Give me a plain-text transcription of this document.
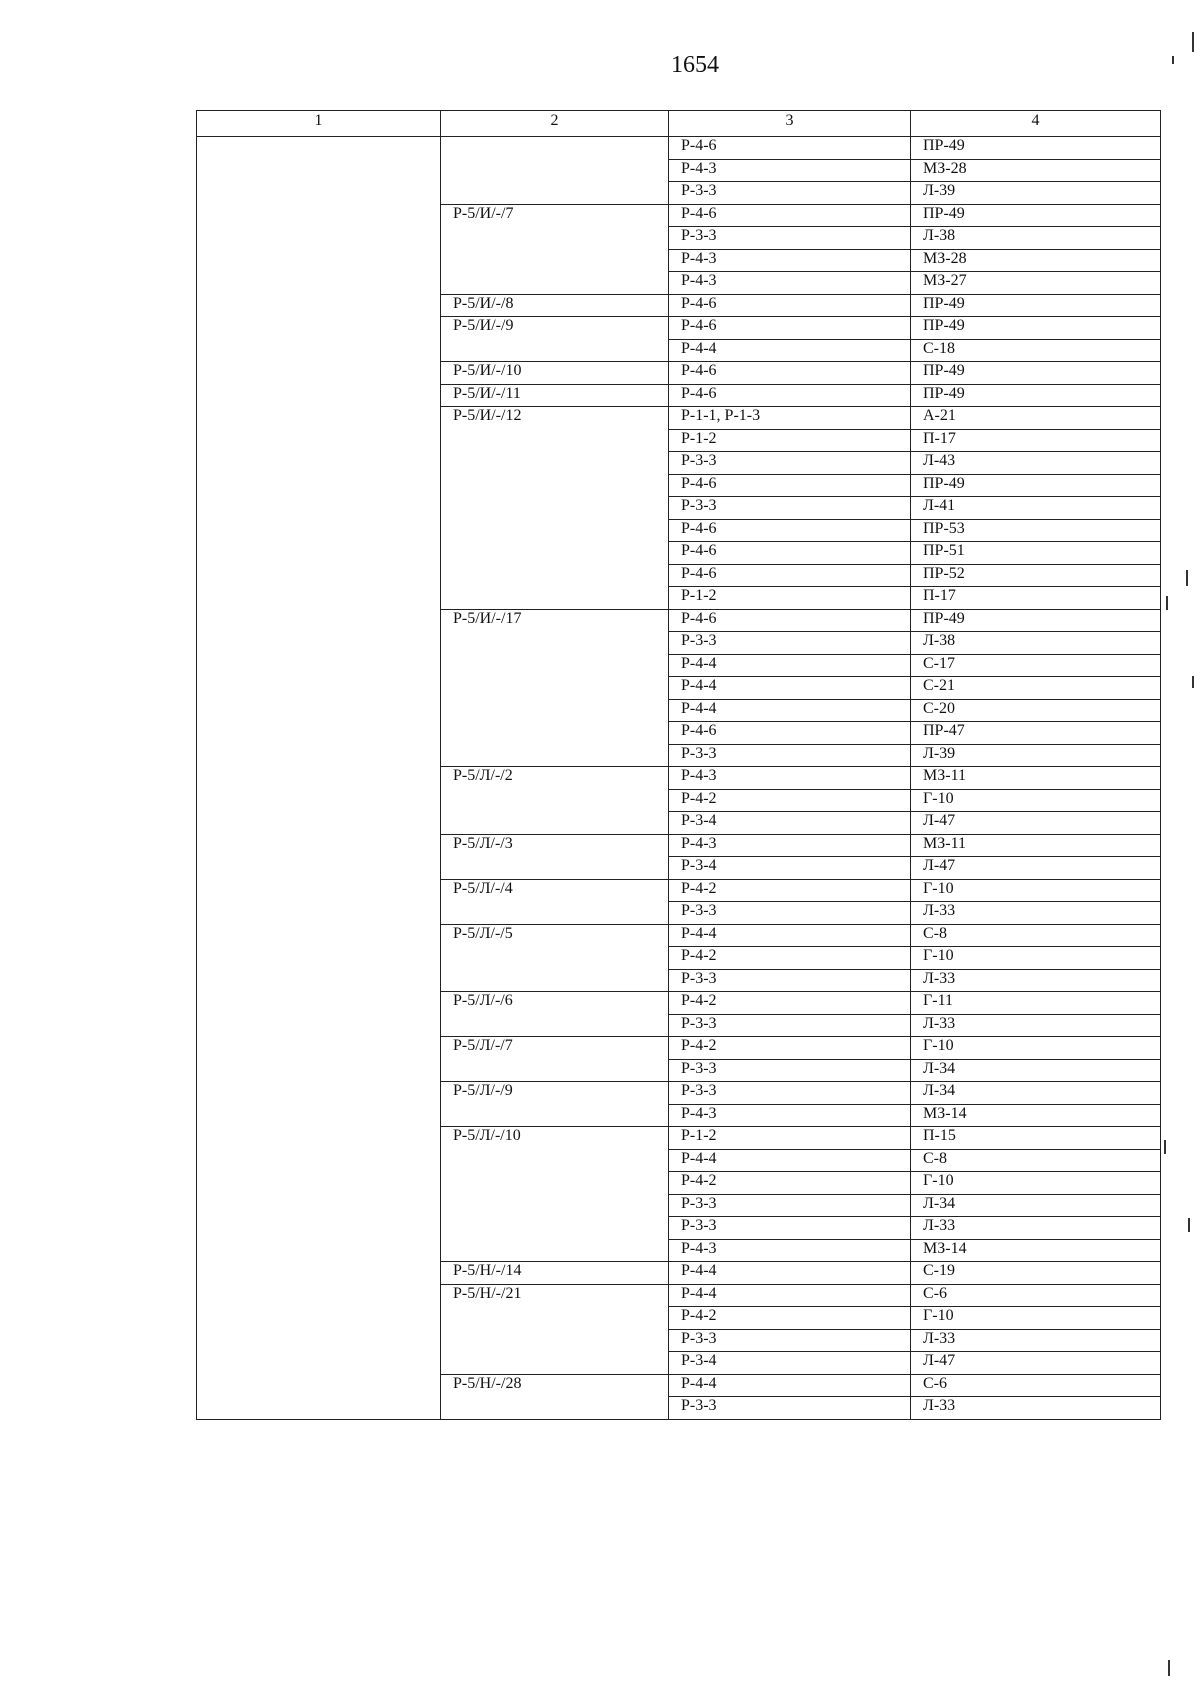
1654
1	2	3	4
		Р-4-6	ПР-49
		Р-4-3	МЗ-28
		Р-3-3	Л-39
	Р-5/И/-/7	Р-4-6	ПР-49
		Р-3-3	Л-38
		Р-4-3	МЗ-28
		Р-4-3	МЗ-27
	Р-5/И/-/8	Р-4-6	ПР-49
	Р-5/И/-/9	Р-4-6	ПР-49
		Р-4-4	С-18
	Р-5/И/-/10	Р-4-6	ПР-49
	Р-5/И/-/11	Р-4-6	ПР-49
	Р-5/И/-/12	Р-1-1, Р-1-3	А-21
		Р-1-2	П-17
		Р-3-3	Л-43
		Р-4-6	ПР-49
		Р-3-3	Л-41
		Р-4-6	ПР-53
		Р-4-6	ПР-51
		Р-4-6	ПР-52
		Р-1-2	П-17
	Р-5/И/-/17	Р-4-6	ПР-49
		Р-3-3	Л-38
		Р-4-4	С-17
		Р-4-4	С-21
		Р-4-4	С-20
		Р-4-6	ПР-47
		Р-3-3	Л-39
	Р-5/Л/-/2	Р-4-3	МЗ-11
		Р-4-2	Г-10
		Р-3-4	Л-47
	Р-5/Л/-/3	Р-4-3	МЗ-11
		Р-3-4	Л-47
	Р-5/Л/-/4	Р-4-2	Г-10
		Р-3-3	Л-33
	Р-5/Л/-/5	Р-4-4	С-8
		Р-4-2	Г-10
		Р-3-3	Л-33
	Р-5/Л/-/6	Р-4-2	Г-11
		Р-3-3	Л-33
	Р-5/Л/-/7	Р-4-2	Г-10
		Р-3-3	Л-34
	Р-5/Л/-/9	Р-3-3	Л-34
		Р-4-3	МЗ-14
	Р-5/Л/-/10	Р-1-2	П-15
		Р-4-4	С-8
		Р-4-2	Г-10
		Р-3-3	Л-34
		Р-3-3	Л-33
		Р-4-3	МЗ-14
	Р-5/Н/-/14	Р-4-4	С-19
	Р-5/Н/-/21	Р-4-4	С-6
		Р-4-2	Г-10
		Р-3-3	Л-33
		Р-3-4	Л-47
	Р-5/Н/-/28	Р-4-4	С-6
		Р-3-3	Л-33
